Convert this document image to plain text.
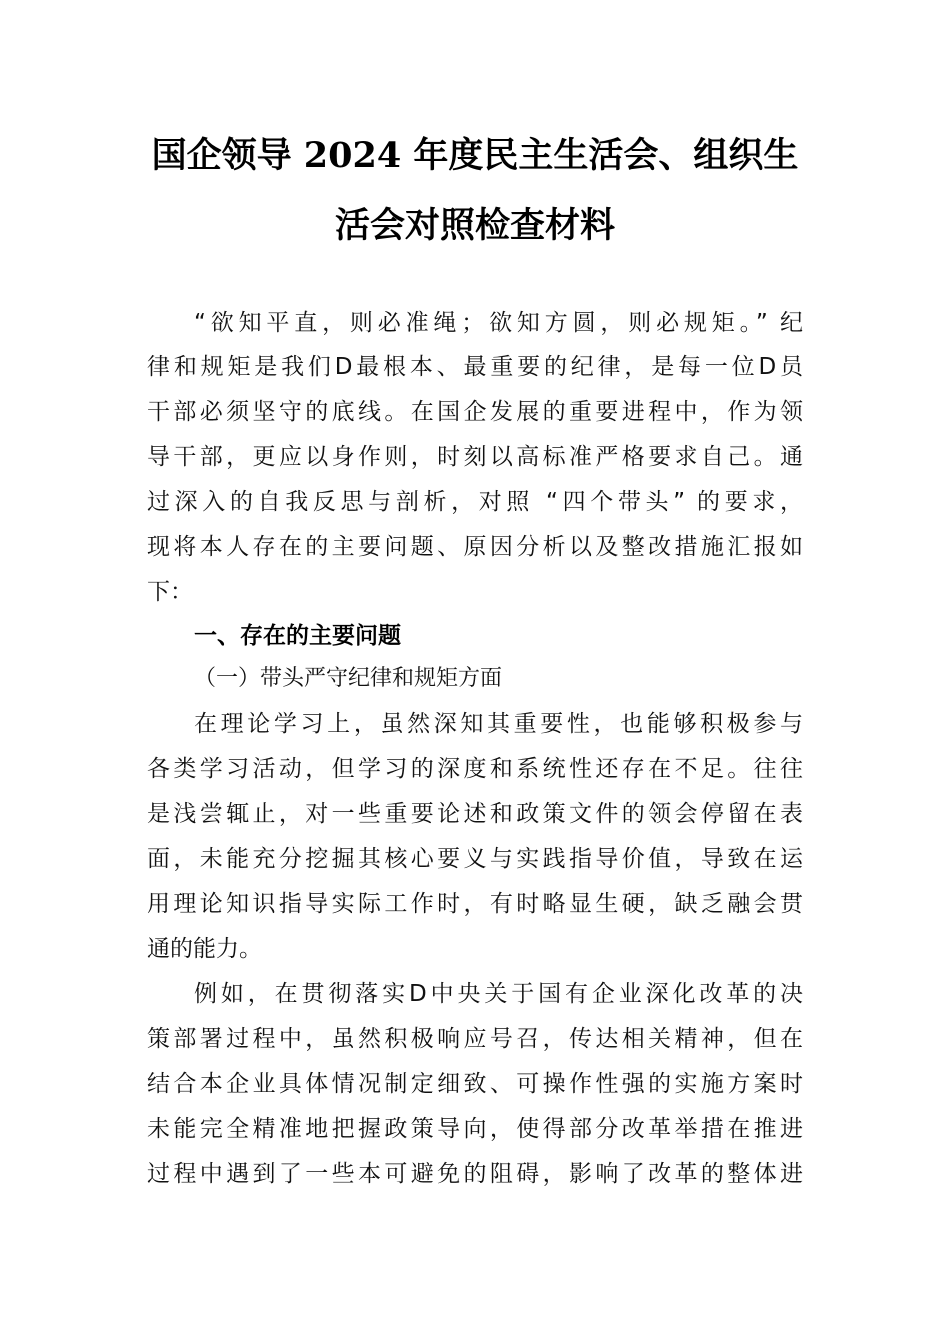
国企领导 2024 年度民主生活会、组织生
活会对照检查材料
“欲知平直，则必准绳；欲知方圆，则必规矩。” 纪
律和规矩是我们D最根本、最重要的纪律，是每一位D员
干部必须坚守的底线。在国企发展的重要进程中，作为领
导干部，更应以身作则，时刻以高标准严格要求自己。通
过深入的自我反思与剖析，对照 “四个带头” 的要求，
现将本人存在的主要问题、原因分析以及整改措施汇报如
下：
一、存在的主要问题
（一）带头严守纪律和规矩方面
在理论学习上，虽然深知其重要性，也能够积极参与
各类学习活动，但学习的深度和系统性还存在不足。往往
是浅尝辄止，对一些重要论述和政策文件的领会停留在表
面，未能充分挖掘其核心要义与实践指导价值，导致在运
用理论知识指导实际工作时，有时略显生硬，缺乏融会贯
通的能力。
例如，在贯彻落实D中央关于国有企业深化改革的决
策部署过程中，虽然积极响应号召，传达相关精神，但在
结合本企业具体情况制定细致、可操作性强的实施方案时
未能完全精准地把握政策导向，使得部分改革举措在推进
过程中遇到了一些本可避免的阻碍，影响了改革的整体进
